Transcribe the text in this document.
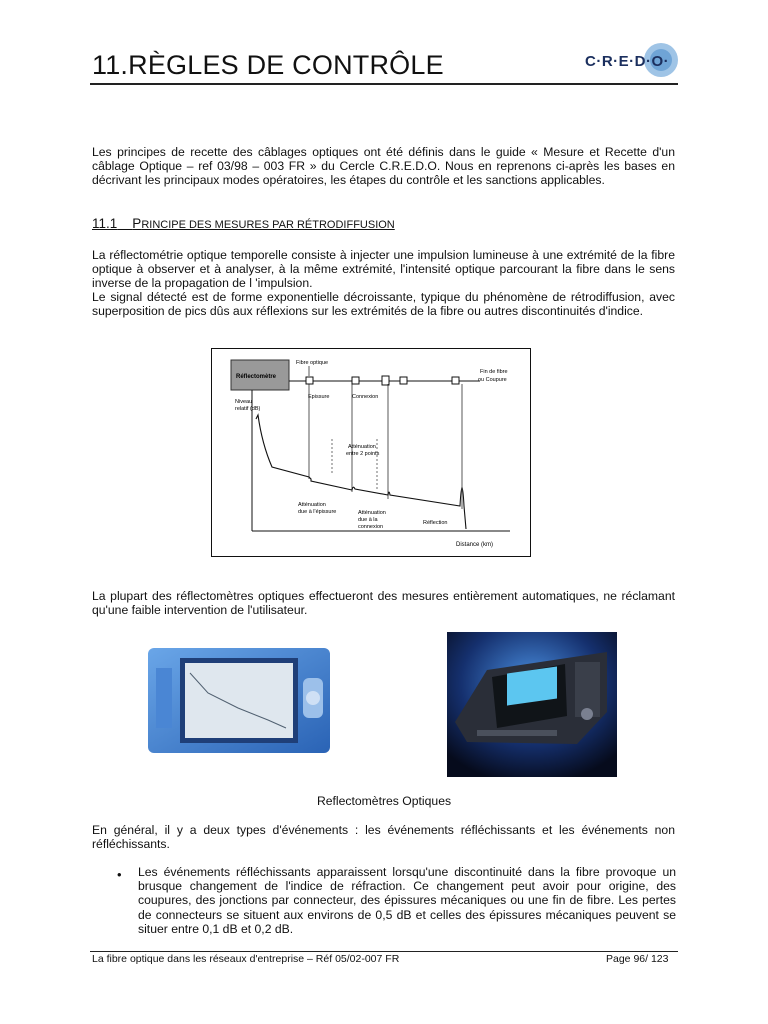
11.RÈGLES DE CONTRÔLE	C·R·E·D·O·
Les principes de recette des câblages optiques ont été définis dans le guide « Mesure et Recette d'un câblage Optique – ref 03/98 – 003 FR » du Cercle C.R.E.D.O. Nous en reprenons ci-après les bases en décrivant les principaux modes opératoires, les étapes du contrôle et les sanctions applicables.
11.1 PRINCIPE DES MESURES PAR RÉTRODIFFUSION
La réflectométrie optique temporelle consiste à injecter une impulsion lumineuse à une extrémité de la fibre optique à observer et à analyser, à la même extrémité, l'intensité optique parcourant la fibre dans le sens inverse de la propagation de l 'impulsion.
Le signal détecté est de forme exponentielle décroissante, typique du phénomène de rétrodiffusion, avec superposition de pics dûs aux réflexions sur les extrémités de la fibre ou autres discontinuités d'indice.
Réflectomètre
Fibre optique
Fin de fibre
ou Coupure
Epissure	Connexion
Niveau
relatif (dB)
Distance (km)
Atténuation
entre 2 points
Atténuation
due à l'épissure	Atténuation
due à la
connexion
Réflection
La plupart des réflectomètres optiques effectueront des mesures entièrement automatiques, ne réclamant qu'une faible intervention de l'utilisateur.
Reflectomètres Optiques
En général, il y a deux types d'événements : les événements réfléchissants et les événements non réfléchissants.
• Les événements réfléchissants apparaissent lorsqu'une discontinuité dans la fibre provoque un brusque changement de l'indice de réfraction. Ce changement peut avoir pour origine, des coupures, des jonctions par connecteur, des épissures mécaniques ou une fin de fibre. Les pertes de connecteurs se situent aux environs de 0,5 dB et celles des épissures mécaniques peuvent se situer entre 0,1 dB et 0,2 dB.
La fibre optique dans les réseaux d'entreprise – Réf 05/02-007 FR	Page 96/ 123
